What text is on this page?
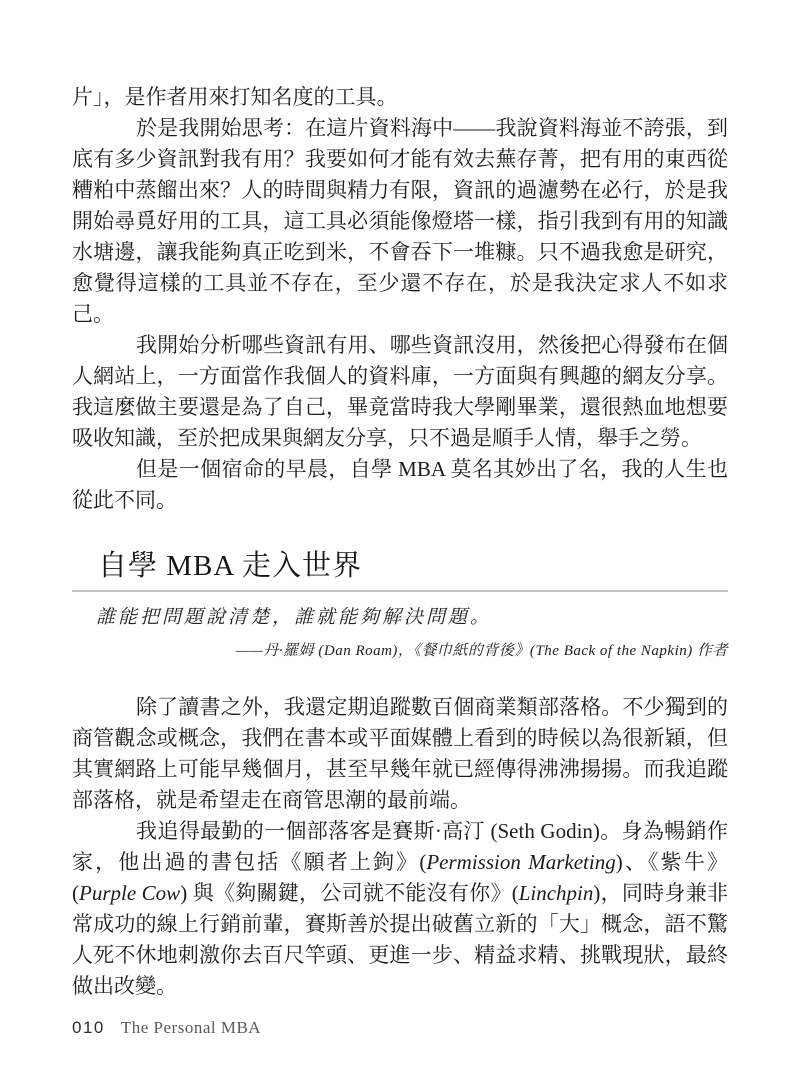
片」，是作者用來打知名度的工具。

於是我開始思考：在這片資料海中——我說資料海並不誇張，到底有多少資訊對我有用？我要如何才能有效去蕪存菁，把有用的東西從糟粕中蒸餾出來？人的時間與精力有限，資訊的過濾勢在必行，於是我開始尋覓好用的工具，這工具必須能像燈塔一樣，指引我到有用的知識水塘邊，讓我能夠真正吃到米，不會吞下一堆糠。只不過我愈是研究，愈覺得這樣的工具並不存在，至少還不存在，於是我決定求人不如求己。

我開始分析哪些資訊有用、哪些資訊沒用，然後把心得發布在個人網站上，一方面當作我個人的資料庫，一方面與有興趣的網友分享。我這麼做主要還是為了自己，畢竟當時我大學剛畢業，還很熱血地想要吸收知識，至於把成果與網友分享，只不過是順手人情，舉手之勞。

但是一個宿命的早晨，自學 MBA 莫名其妙出了名，我的人生也從此不同。

自學 MBA 走入世界
誰能把問題說清楚，誰就能夠解決問題。
——丹·羅姆 (Dan Roam)，《餐巾紙的背後》(The Back of the Napkin) 作者

除了讀書之外，我還定期追蹤數百個商業類部落格。不少獨到的商管觀念或概念，我們在書本或平面媒體上看到的時候以為很新穎，但其實網路上可能早幾個月，甚至早幾年就已經傳得沸沸揚揚。而我追蹤部落格，就是希望走在商管思潮的最前端。

我追得最勤的一個部落客是賽斯·高汀 (Seth Godin)。身為暢銷作家，他出過的書包括《願者上鉤》(Permission Marketing)、《紫牛》(Purple Cow) 與《夠關鍵，公司就不能沒有你》(Linchpin)，同時身兼非常成功的線上行銷前輩，賽斯善於提出破舊立新的「大」概念，語不驚人死不休地刺激你去百尺竿頭、更進一步、精益求精、挑戰現狀，最終做出改變。

010 The Personal MBA
